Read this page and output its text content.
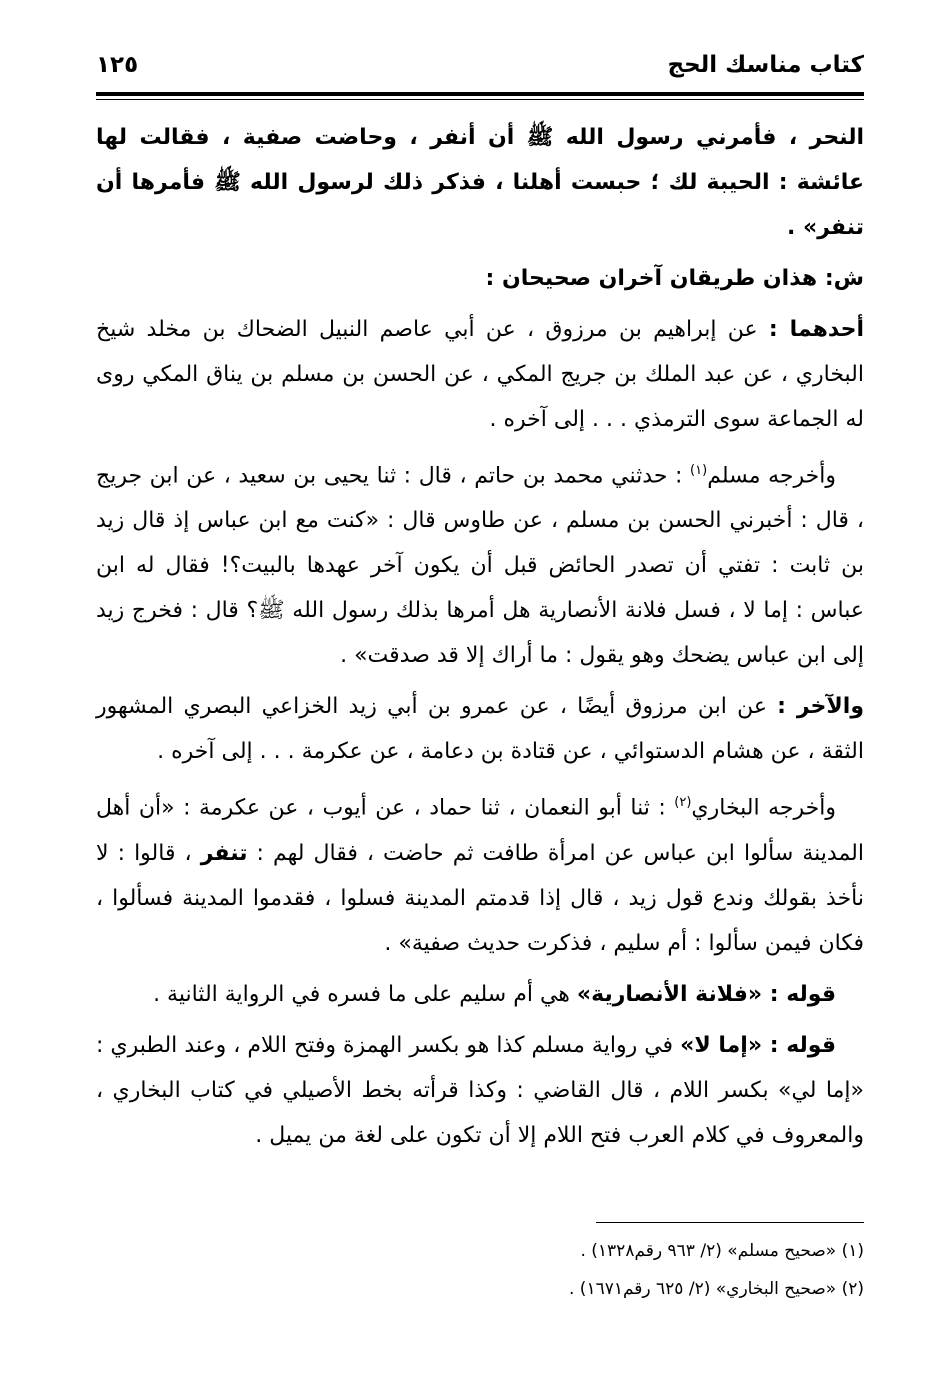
كتاب مناسك الحج
١٢٥

النحر ، فأمرني رسول الله ﷺ أن أنفر ، وحاضت صفية ، فقالت لها عائشة : الحيبة لك ؛ حبست أهلنا ، فذكر ذلك لرسول الله ﷺ فأمرها أن تنفر» .

ش: هذان طريقان آخران صحيحان :

أحدهما : عن إبراهيم بن مرزوق ، عن أبي عاصم النبيل الضحاك بن مخلد شيخ البخاري ، عن عبد الملك بن جريج المكي ، عن الحسن بن مسلم بن يناق المكي روى له الجماعة سوى الترمذي . . . إلى آخره .

وأخرجه مسلم$^{(١)}$ : حدثني محمد بن حاتم ، قال : ثنا يحيى بن سعيد ، عن ابن جريج ، قال : أخبرني الحسن بن مسلم ، عن طاوس قال : «كنت مع ابن عباس إذ قال زيد بن ثابت : تفتي أن تصدر الحائض قبل أن يكون آخر عهدها بالبيت؟! فقال له ابن عباس : إما لا ، فسل فلانة الأنصارية هل أمرها بذلك رسول الله ﷺ؟ قال : فخرج زيد إلى ابن عباس يضحك وهو يقول : ما أراك إلا قد صدقت» .

والآخر : عن ابن مرزوق أيضًا ، عن عمرو بن أبي زيد الخزاعي البصري المشهور الثقة ، عن هشام الدستوائي ، عن قتادة بن دعامة ، عن عكرمة . . . إلى آخره .

وأخرجه البخاري$^{(٢)}$ : ثنا أبو النعمان ، ثنا حماد ، عن أيوب ، عن عكرمة : «أن أهل المدينة سألوا ابن عباس عن امرأة طافت ثم حاضت ، فقال لهم : تنفر ، قالوا : لا نأخذ بقولك وندع قول زيد ، قال إذا قدمتم المدينة فسلوا ، فقدموا المدينة فسألوا ، فكان فيمن سألوا : أم سليم ، فذكرت حديث صفية» .

قوله : «فلانة الأنصارية» هي أم سليم على ما فسره في الرواية الثانية .

قوله : «إما لا» في رواية مسلم كذا هو بكسر الهمزة وفتح اللام ، وعند الطبري : «إما لي» بكسر اللام ، قال القاضي : وكذا قرأته بخط الأصيلي في كتاب البخاري ، والمعروف في كلام العرب فتح اللام إلا أن تكون على لغة من يميل .

(١) «صحيح مسلم» (٢/ ٩٦٣ رقم١٣٢٨) .
(٢) «صحيح البخاري» (٢/ ٦٢٥ رقم١٦٧١) .
